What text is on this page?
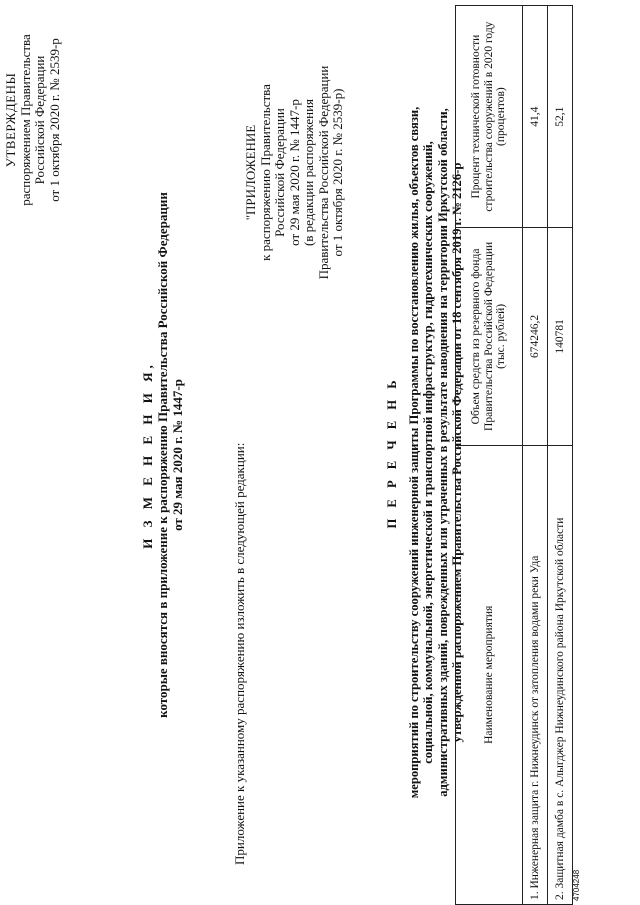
УТВЕРЖДЕНЫ распоряжением Правительства Российской Федерации от 1 октября 2020 г. № 2539-р
И З М Е Н Е Н И Я, которые вносятся в приложение к распоряжению Правительства Российской Федерации от 29 мая 2020 г. № 1447-р	Приложение к указанному распоряжению изложить в следующей редакции:
"ПРИЛОЖЕНИЕ к распоряжению Правительства Российской Федерации от 29 мая 2020 г. № 1447-р (в редакции распоряжения Правительства Российской Федерации от 1 октября 2020 г. № 2539-р)
П Е Р Е Ч Е Н Ь мероприятий по строительству сооружений инженерной защиты Программы по восстановлению жилья, объектов связи, социальной, коммунальной, энергетической и транспортной инфраструктур, гидротехнических сооружений, административных зданий, поврежденных или утраченных в результате наводнения на территории Иркутской области, утвержденной распоряжением Правительства Российской Федерации от 18 сентября 2019 г. № 2126-р Наименование мероприятия	Объем средств из резервного фонда Правительства Российской Федерации (тыс. рублей)	Процент технической готовности строительства сооружений в 2020 году (процентов)
1. Инженерная защита г. Нижнеудинск от затопления водами реки Уда	674246,2	41,4
2. Защитная дамба в с. Алыгджер Нижнеудинского района Иркутской области	140781	52,1
4704248
